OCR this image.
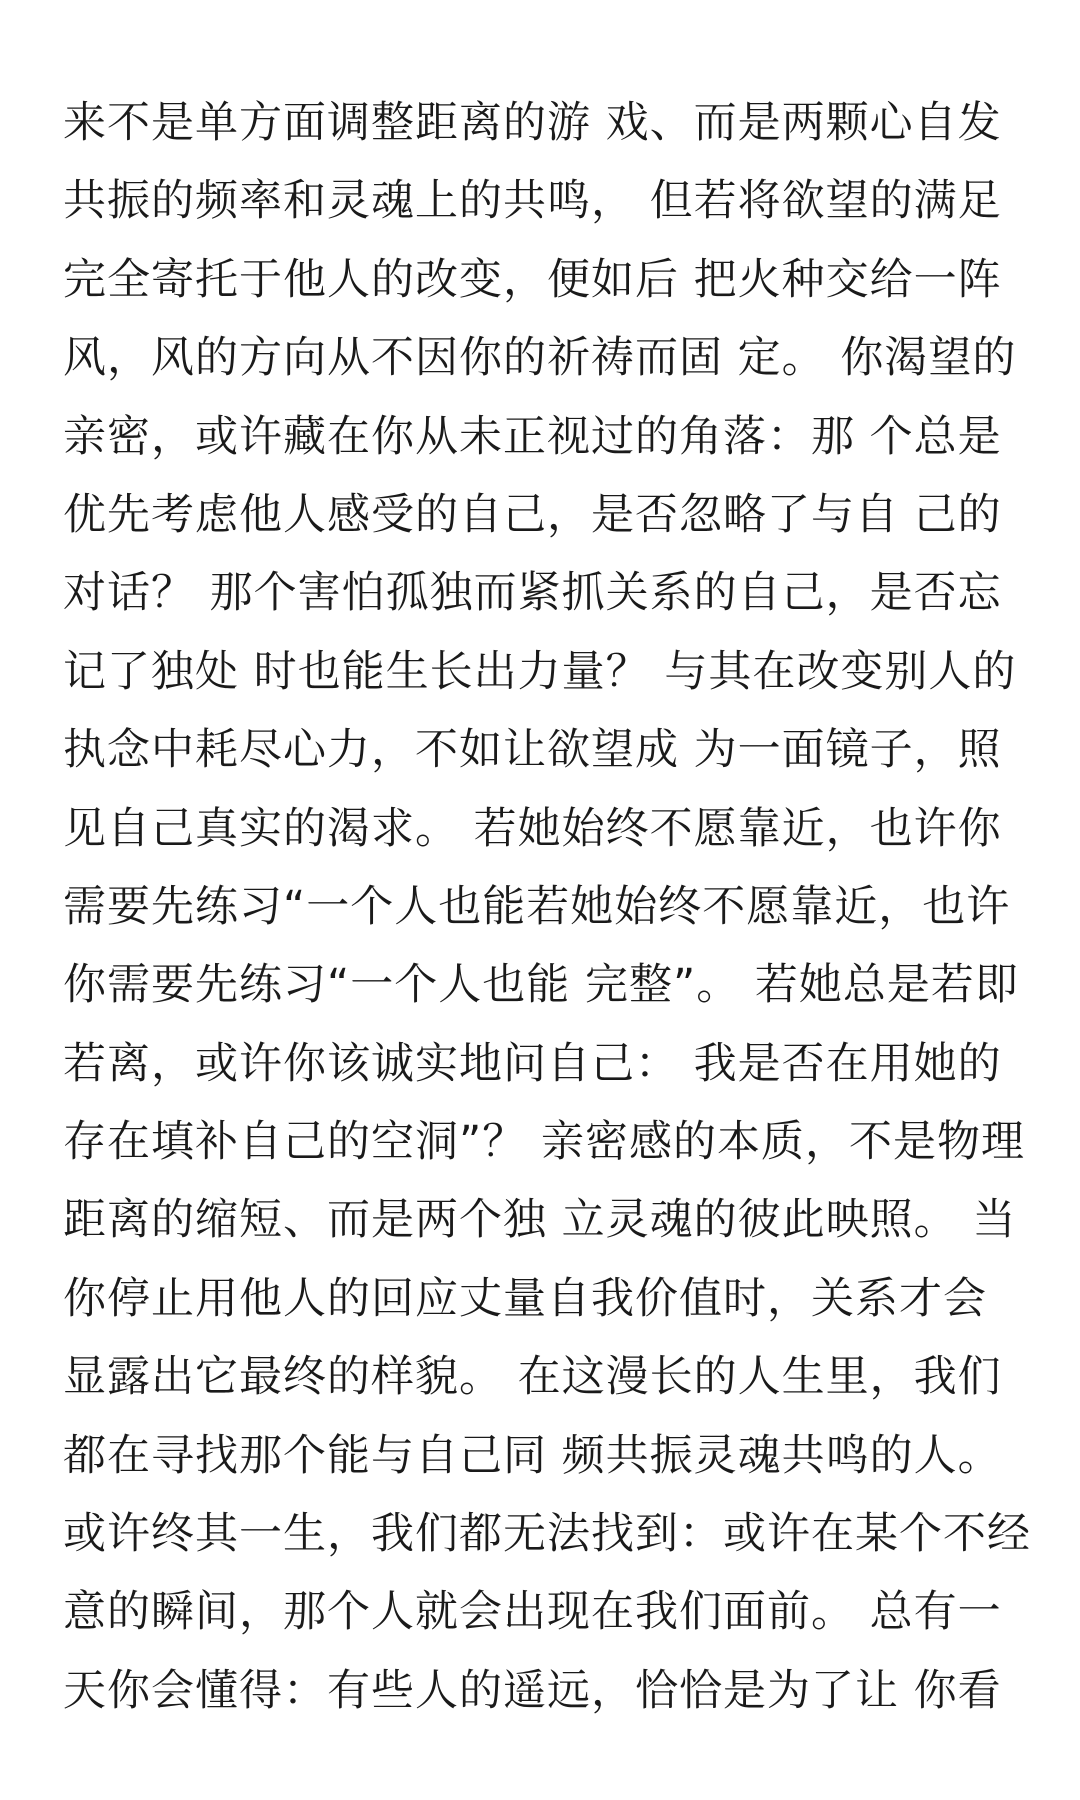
来不是单方面调整距离的游 戏、而是两颗心自发
共振的频率和灵魂上的共鸣， 但若将欲望的满足
完全寄托于他人的改变，便如后 把火种交给一阵
风，风的方向从不因你的祈祷而固 定。 你渴望的
亲密，或许藏在你从未正视过的角落：那 个总是
优先考虑他人感受的自己，是否忽略了与自 己的
对话？ 那个害怕孤独而紧抓关系的自己，是否忘
记了独处 时也能生长出力量？ 与其在改变别人的
执念中耗尽心力，不如让欲望成 为一面镜子，照
见自己真实的渴求。 若她始终不愿靠近，也许你
需要先练习“一个人也能若她始终不愿靠近，也许
你需要先练习“一个人也能 完整”。 若她总是若即
若离，或许你该诚实地问自己： 我是否在用她的
存在填补自己的空洞”？ 亲密感的本质，不是物理
距离的缩短、而是两个独 立灵魂的彼此映照。 当
你停止用他人的回应丈量自我价值时，关系才会
显露出它最终的样貌。 在这漫长的人生里，我们
都在寻找那个能与自己同 频共振灵魂共鸣的人。
或许终其一生，我们都无法找到：或许在某个不经
意的瞬间，那个人就会出现在我们面前。 总有一
天你会懂得：有些人的遥远，恰恰是为了让 你看
